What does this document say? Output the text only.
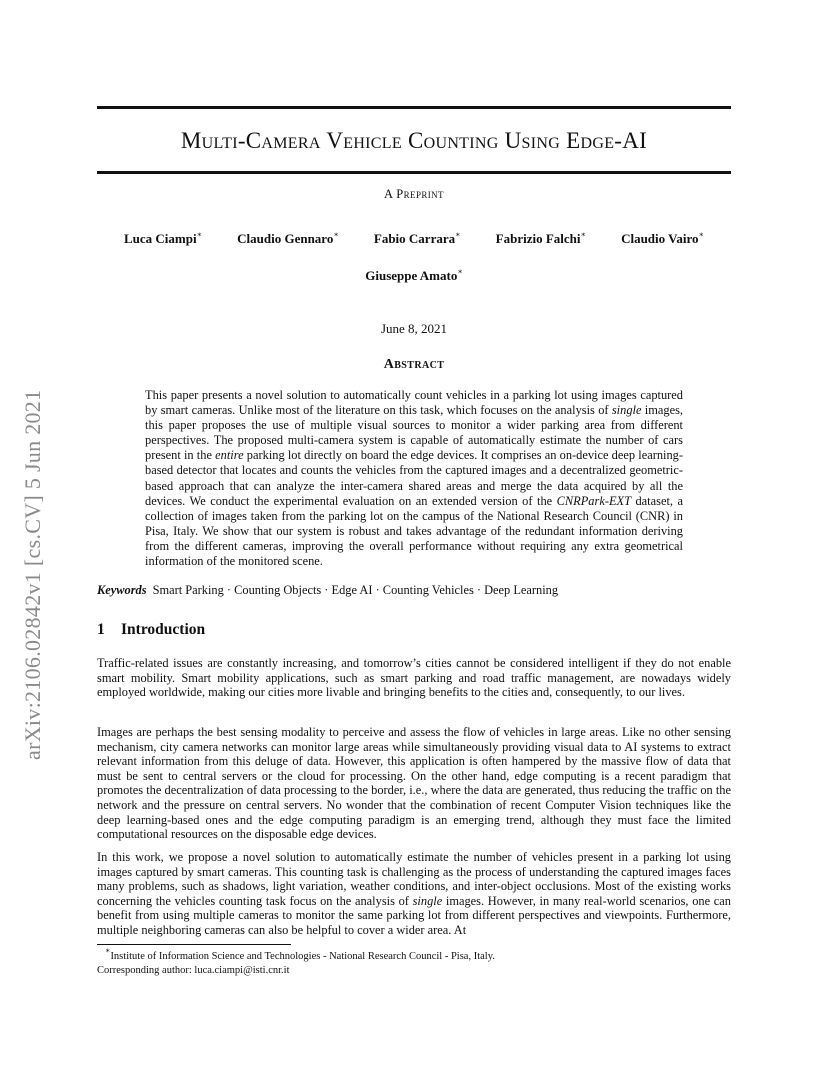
arXiv:2106.02842v1 [cs.CV] 5 Jun 2021
Multi-Camera Vehicle Counting Using Edge-AI
A Preprint
Luca Ciampi∗	Claudio Gennaro∗	Fabio Carrara∗	Fabrizio Falchi∗	Claudio Vairo∗
Giuseppe Amato∗
June 8, 2021
Abstract
This paper presents a novel solution to automatically count vehicles in a parking lot using images captured by smart cameras. Unlike most of the literature on this task, which focuses on the analysis of single images, this paper proposes the use of multiple visual sources to monitor a wider parking area from different perspectives. The proposed multi-camera system is capable of automatically estimate the number of cars present in the entire parking lot directly on board the edge devices. It comprises an on-device deep learning-based detector that locates and counts the vehicles from the captured images and a decentralized geometric-based approach that can analyze the inter-camera shared areas and merge the data acquired by all the devices. We conduct the experimental evaluation on an extended version of the CNRPark-EXT dataset, a collection of images taken from the parking lot on the campus of the National Research Council (CNR) in Pisa, Italy. We show that our system is robust and takes advantage of the redundant information deriving from the different cameras, improving the overall performance without requiring any extra geometrical information of the monitored scene.
Keywords Smart Parking · Counting Objects · Edge AI · Counting Vehicles · Deep Learning
1 Introduction

Traffic-related issues are constantly increasing, and tomorrow’s cities cannot be considered intelligent if they do not enable smart mobility. Smart mobility applications, such as smart parking and road traffic management, are nowadays widely employed worldwide, making our cities more livable and bringing benefits to the cities and, consequently, to our lives.

Images are perhaps the best sensing modality to perceive and assess the flow of vehicles in large areas. Like no other sensing mechanism, city camera networks can monitor large areas while simultaneously providing visual data to AI systems to extract relevant information from this deluge of data. However, this application is often hampered by the massive flow of data that must be sent to central servers or the cloud for processing. On the other hand, edge computing is a recent paradigm that promotes the decentralization of data processing to the border, i.e., where the data are generated, thus reducing the traffic on the network and the pressure on central servers. No wonder that the combination of recent Computer Vision techniques like the deep learning-based ones and the edge computing paradigm is an emerging trend, although they must face the limited computational resources on the disposable edge devices.

In this work, we propose a novel solution to automatically estimate the number of vehicles present in a parking lot using images captured by smart cameras. This counting task is challenging as the process of understanding the captured images faces many problems, such as shadows, light variation, weather conditions, and inter-object occlusions. Most of the existing works concerning the vehicles counting task focus on the analysis of single images. However, in many real-world scenarios, one can benefit from using multiple cameras to monitor the same parking lot from different perspectives and viewpoints. Furthermore, multiple neighboring cameras can also be helpful to cover a wider area. At

∗Institute of Information Science and Technologies - National Research Council - Pisa, Italy.
Corresponding author: luca.ciampi@isti.cnr.it
